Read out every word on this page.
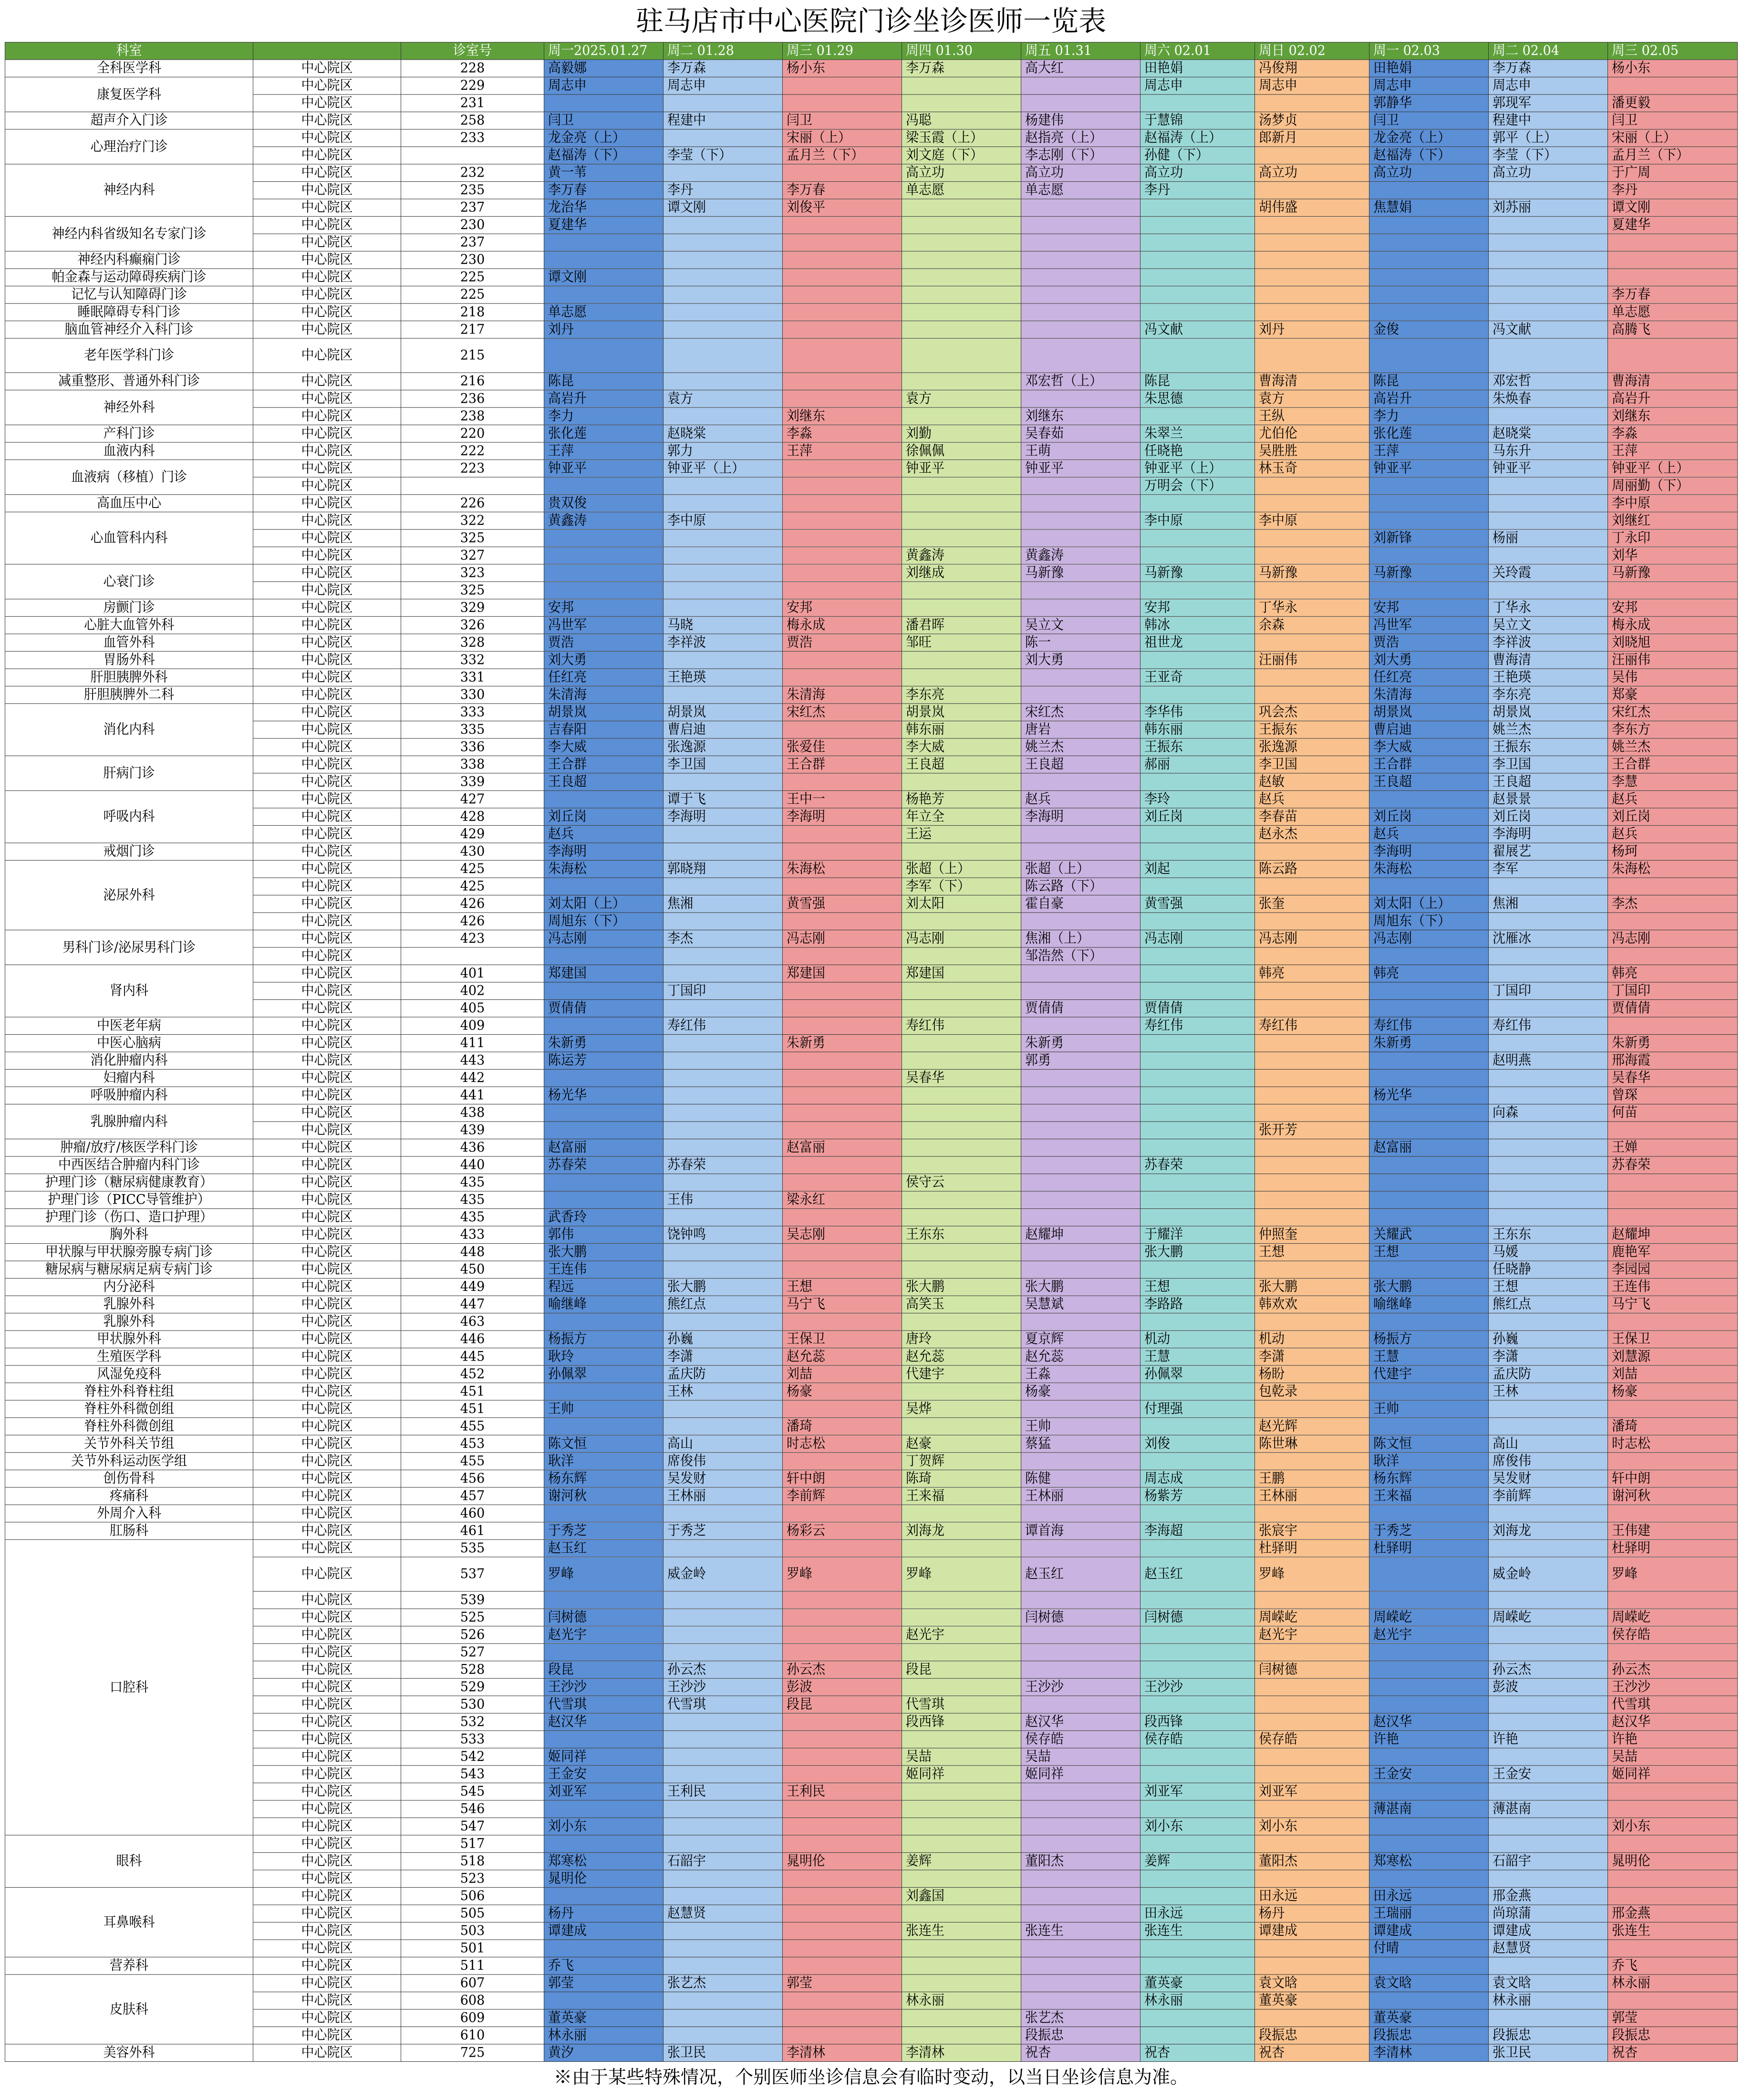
驻马店市中心医院门诊坐诊医师一览表
科室		诊室号	周一2025.01.27	周二 01.28	周三 01.29	周四 01.30	周五 01.31	周六 02.01	周日 02.02	周一 02.03	周二 02.04	周三 02.05
全科医学科	中心院区	228	高毅娜	李万森	杨小东	李万森	高大红	田艳娟	冯俊翔	田艳娟	李万森	杨小东
康复医学科	中心院区	229	周志申	周志申				周志申	周志申	周志申	周志申	
	中心院区	231								郭静华	郭现军	潘更毅
超声介入门诊	中心院区	258	闫卫	程建中	闫卫	冯聪	杨建伟	于慧锦	汤梦贞	闫卫	程建中	闫卫
心理治疗门诊	中心院区	233	龙金亮（上）		宋丽（上）	梁玉霞（上）	赵指亮（上）	赵福涛（上）	郎新月	龙金亮（上）	郭平（上）	宋丽（上）
	中心院区		赵福涛（下）	李莹（下）	孟月兰（下）	刘文庭（下）	李志刚（下）	孙健（下）		赵福涛（下）	李莹（下）	孟月兰（下）
神经内科	中心院区	232	黄一苇			高立功	高立功	高立功	高立功	高立功	高立功	于广周
	中心院区	235	李万春	李丹	李万春	单志愿	单志愿	李丹				李丹
	中心院区	237	龙治华	谭文刚	刘俊平				胡伟盛	焦慧娟	刘苏丽	谭文刚
神经内科省级知名专家门诊	中心院区	230	夏建华									夏建华
	中心院区	237										
神经内科癫痫门诊	中心院区	230										
帕金森与运动障碍疾病门诊	中心院区	225	谭文刚									
记忆与认知障碍门诊	中心院区	225										李万春
睡眠障碍专科门诊	中心院区	218	单志愿									单志愿
脑血管神经介入科门诊	中心院区	217	刘丹					冯文献	刘丹	金俊	冯文献	高腾飞
老年医学科门诊	中心院区	215										
减重整形、普通外科门诊	中心院区	216	陈昆				邓宏哲（上）	陈昆	曹海清	陈昆	邓宏哲	曹海清
神经外科	中心院区	236	高岩升	袁方		袁方		朱思德	袁方	高岩升	朱焕春	高岩升
	中心院区	238	李力		刘继东		刘继东		王纵	李力		刘继东
产科门诊	中心院区	220	张化莲	赵晓棠	李淼	刘勤	吴春茹	朱翠兰	尤伯伦	张化莲	赵晓棠	李淼
血液内科	中心院区	222	王萍	郭力	王萍	徐佩佩	王萌	任晓艳	吴胜胜	王萍	马东升	王萍
血液病（移植）门诊	中心院区	223	钟亚平	钟亚平（上）		钟亚平	钟亚平	钟亚平（上）	林玉奇	钟亚平	钟亚平	钟亚平（上）
	中心院区							万明会（下）				周丽勤（下）
高血压中心	中心院区	226	贵双俊									李中原
心血管科内科	中心院区	322	黄鑫涛	李中原				李中原	李中原			刘继红
	中心院区	325								刘新锋	杨丽	丁永印
	中心院区	327				黄鑫涛	黄鑫涛					刘华
心衰门诊	中心院区	323				刘继成	马新豫	马新豫	马新豫	马新豫	关玲霞	马新豫
	中心院区	325										
房颤门诊	中心院区	329	安邦		安邦			安邦	丁华永	安邦	丁华永	安邦
心脏大血管外科	中心院区	326	冯世军	马晓	梅永成	潘君晖	吴立文	韩冰	余森	冯世军	吴立文	梅永成
血管外科	中心院区	328	贾浩	李祥波	贾浩	邹旺	陈一	祖世龙		贾浩	李祥波	刘晓旭
胃肠外科	中心院区	332	刘大勇				刘大勇		汪丽伟	刘大勇	曹海清	汪丽伟
肝胆胰脾外科	中心院区	331	任红亮	王艳瑛				王亚奇		任红亮	王艳瑛	吴伟
肝胆胰脾外二科	中心院区	330	朱清海		朱清海	李东亮				朱清海	李东亮	郑豪
消化内科	中心院区	333	胡景岚	胡景岚	宋红杰	胡景岚	宋红杰	李华伟	巩会杰	胡景岚	胡景岚	宋红杰
	中心院区	335	吉春阳	曹启迪		韩东丽	唐岩	韩东丽	王振东	曹启迪	姚兰杰	李东方
	中心院区	336	李大威	张逸源	张爱佳	李大威	姚兰杰	王振东	张逸源	李大威	王振东	姚兰杰
肝病门诊	中心院区	338	王合群	李卫国	王合群	王良超	王良超	郝丽	李卫国	王合群	李卫国	王合群
	中心院区	339	王良超						赵敏	王良超	王良超	李慧
呼吸内科	中心院区	427		谭于飞	王中一	杨艳芳	赵兵	李玲	赵兵		赵景景	赵兵
	中心院区	428	刘丘岗	李海明	李海明	年立全	李海明	刘丘岗	李春苗	刘丘岗	刘丘岗	刘丘岗
	中心院区	429	赵兵			王运			赵永杰	赵兵	李海明	赵兵
戒烟门诊	中心院区	430	李海明							李海明	翟展艺	杨珂
泌尿外科	中心院区	425	朱海松	郭晓翔	朱海松	张超（上）	张超（上）	刘起	陈云路	朱海松	李军	朱海松
	中心院区	425				李军（下）	陈云路（下）					
	中心院区	426	刘太阳（上）	焦湘	黄雪强	刘太阳	霍自豪	黄雪强	张奎	刘太阳（上）	焦湘	李杰
	中心院区	426	周旭东（下）							周旭东（下）		
男科门诊/泌尿男科门诊	中心院区	423	冯志刚	李杰	冯志刚	冯志刚	焦湘（上）	冯志刚	冯志刚	冯志刚	沈雁冰	冯志刚
	中心院区						邹浩然（下）					
肾内科	中心院区	401	郑建国		郑建国	郑建国			韩亮	韩亮		韩亮
	中心院区	402		丁国印							丁国印	丁国印
	中心院区	405	贾倩倩				贾倩倩	贾倩倩				贾倩倩
中医老年病	中心院区	409		寿红伟		寿红伟		寿红伟	寿红伟	寿红伟	寿红伟	
中医心脑病	中心院区	411	朱新勇		朱新勇		朱新勇			朱新勇		朱新勇
消化肿瘤内科	中心院区	443	陈运芳				郭勇				赵明燕	邢海霞
妇瘤内科	中心院区	442				吴春华						吴春华
呼吸肿瘤内科	中心院区	441	杨光华							杨光华		曾琛
乳腺肿瘤内科	中心院区	438									向森	何苗
	中心院区	439							张开芳			
肿瘤/放疗/核医学科门诊	中心院区	436	赵富丽		赵富丽					赵富丽		王婵
中西医结合肿瘤内科门诊	中心院区	440	苏春荣	苏春荣				苏春荣				苏春荣
护理门诊（糖尿病健康教育）	中心院区	435				侯守云						
护理门诊（PICC导管维护）	中心院区	435		王伟	梁永红							
护理门诊（伤口、造口护理）	中心院区	435	武香玲									
胸外科	中心院区	433	郭伟	饶钟鸣	吴志刚	王东东	赵耀坤	于耀洋	仲照奎	关耀武	王东东	赵耀坤
甲状腺与甲状腺旁腺专病门诊	中心院区	448	张大鹏					张大鹏	王想	王想	马媛	鹿艳军
糖尿病与糖尿病足病专病门诊	中心院区	450	王连伟								任晓静	李园园
内分泌科	中心院区	449	程远	张大鹏	王想	张大鹏	张大鹏	王想	张大鹏	张大鹏	王想	王连伟
乳腺外科	中心院区	447	喻继峰	熊红点	马宁飞	高笑玉	吴慧斌	李路路	韩欢欢	喻继峰	熊红点	马宁飞
乳腺外科	中心院区	463										
甲状腺外科	中心院区	446	杨振方	孙巍	王保卫	唐玲	夏京辉	机动	机动	杨振方	孙巍	王保卫
生殖医学科	中心院区	445	耿玲	李潇	赵允蕊	赵允蕊	赵允蕊	王慧	李潇	王慧	李潇	刘慧源
风湿免疫科	中心院区	452	孙佩翠	孟庆防	刘喆	代建宇	王淼	孙佩翠	杨盼	代建宇	孟庆防	刘喆
脊柱外科脊柱组	中心院区	451		王林	杨豪		杨豪		包乾录		王林	杨豪
脊柱外科微创组	中心院区	451	王帅			吴烨		付理强		王帅		
脊柱外科微创组	中心院区	455			潘琦		王帅		赵光辉			潘琦
关节外科关节组	中心院区	453	陈文恒	高山	时志松	赵豪	蔡猛	刘俊	陈世琳	陈文恒	高山	时志松
关节外科运动医学组	中心院区	455	耿洋	席俊伟		丁贺辉				耿洋	席俊伟	
创伤骨科	中心院区	456	杨东辉	吴发财	轩中朗	陈琦	陈健	周志成	王鹏	杨东辉	吴发财	轩中朗
疼痛科	中心院区	457	谢河秋	王林丽	李前辉	王来福	王林丽	杨紫芳	王林丽	王来福	李前辉	谢河秋
外周介入科	中心院区	460										
肛肠科	中心院区	461	于秀芝	于秀芝	杨彩云	刘海龙	谭首海	李海超	张宸宇	于秀芝	刘海龙	王伟建
口腔科	中心院区	535	赵玉红						杜驿明	杜驿明		杜驿明
	中心院区	537	罗峰	威金岭	罗峰	罗峰	赵玉红	赵玉红	罗峰		威金岭	罗峰
	中心院区	539										
	中心院区	525	闫树德				闫树德	闫树德	周嵘屹	周嵘屹	周嵘屹	周嵘屹
	中心院区	526	赵光宇			赵光宇			赵光宇	赵光宇		侯存皓
	中心院区	527										
	中心院区	528	段昆	孙云杰	孙云杰	段昆			闫树德		孙云杰	孙云杰
	中心院区	529	王沙沙	王沙沙	彭波		王沙沙	王沙沙			彭波	王沙沙
	中心院区	530	代雪琪	代雪琪	段昆	代雪琪						代雪琪
	中心院区	532	赵汉华			段西锋	赵汉华	段西锋		赵汉华		赵汉华
	中心院区	533					侯存皓	侯存皓	侯存皓	许艳	许艳	许艳
	中心院区	542	姬同祥			吴喆	吴喆					吴喆
	中心院区	543	王金安			姬同祥	姬同祥			王金安	王金安	姬同祥
	中心院区	545	刘亚军	王利民	王利民			刘亚军	刘亚军			
	中心院区	546								薄湛南	薄湛南	
	中心院区	547	刘小东					刘小东	刘小东			刘小东
眼科	中心院区	517										
	中心院区	518	郑寒松	石韶宇	晁明伦	姜辉	董阳杰	姜辉	董阳杰	郑寒松	石韶宇	晁明伦
	中心院区	523	晁明伦									
耳鼻喉科	中心院区	506				刘鑫国			田永远	田永远	邢金燕	
	中心院区	505	杨丹	赵慧贤				田永远	杨丹	王瑞丽	尚琼蒲	邢金燕
	中心院区	503	谭建成			张连生	张连生	张连生	谭建成	谭建成	谭建成	张连生
	中心院区	501								付晴	赵慧贤	
营养科	中心院区	511	乔飞									乔飞
皮肤科	中心院区	607	郭莹	张艺杰	郭莹			董英豪	袁文晗	袁文晗	袁文晗	林永丽
	中心院区	608				林永丽		林永丽	董英豪		林永丽	
	中心院区	609	董英豪				张艺杰			董英豪		郭莹
	中心院区	610	林永丽				段振忠		段振忠	段振忠	段振忠	段振忠
美容外科	中心院区	725	黄汐	张卫民	李清林	李清林	祝杏	祝杏	祝杏	李清林	张卫民	祝杏
※由于某些特殊情况，个别医师坐诊信息会有临时变动，以当日坐诊信息为准。
